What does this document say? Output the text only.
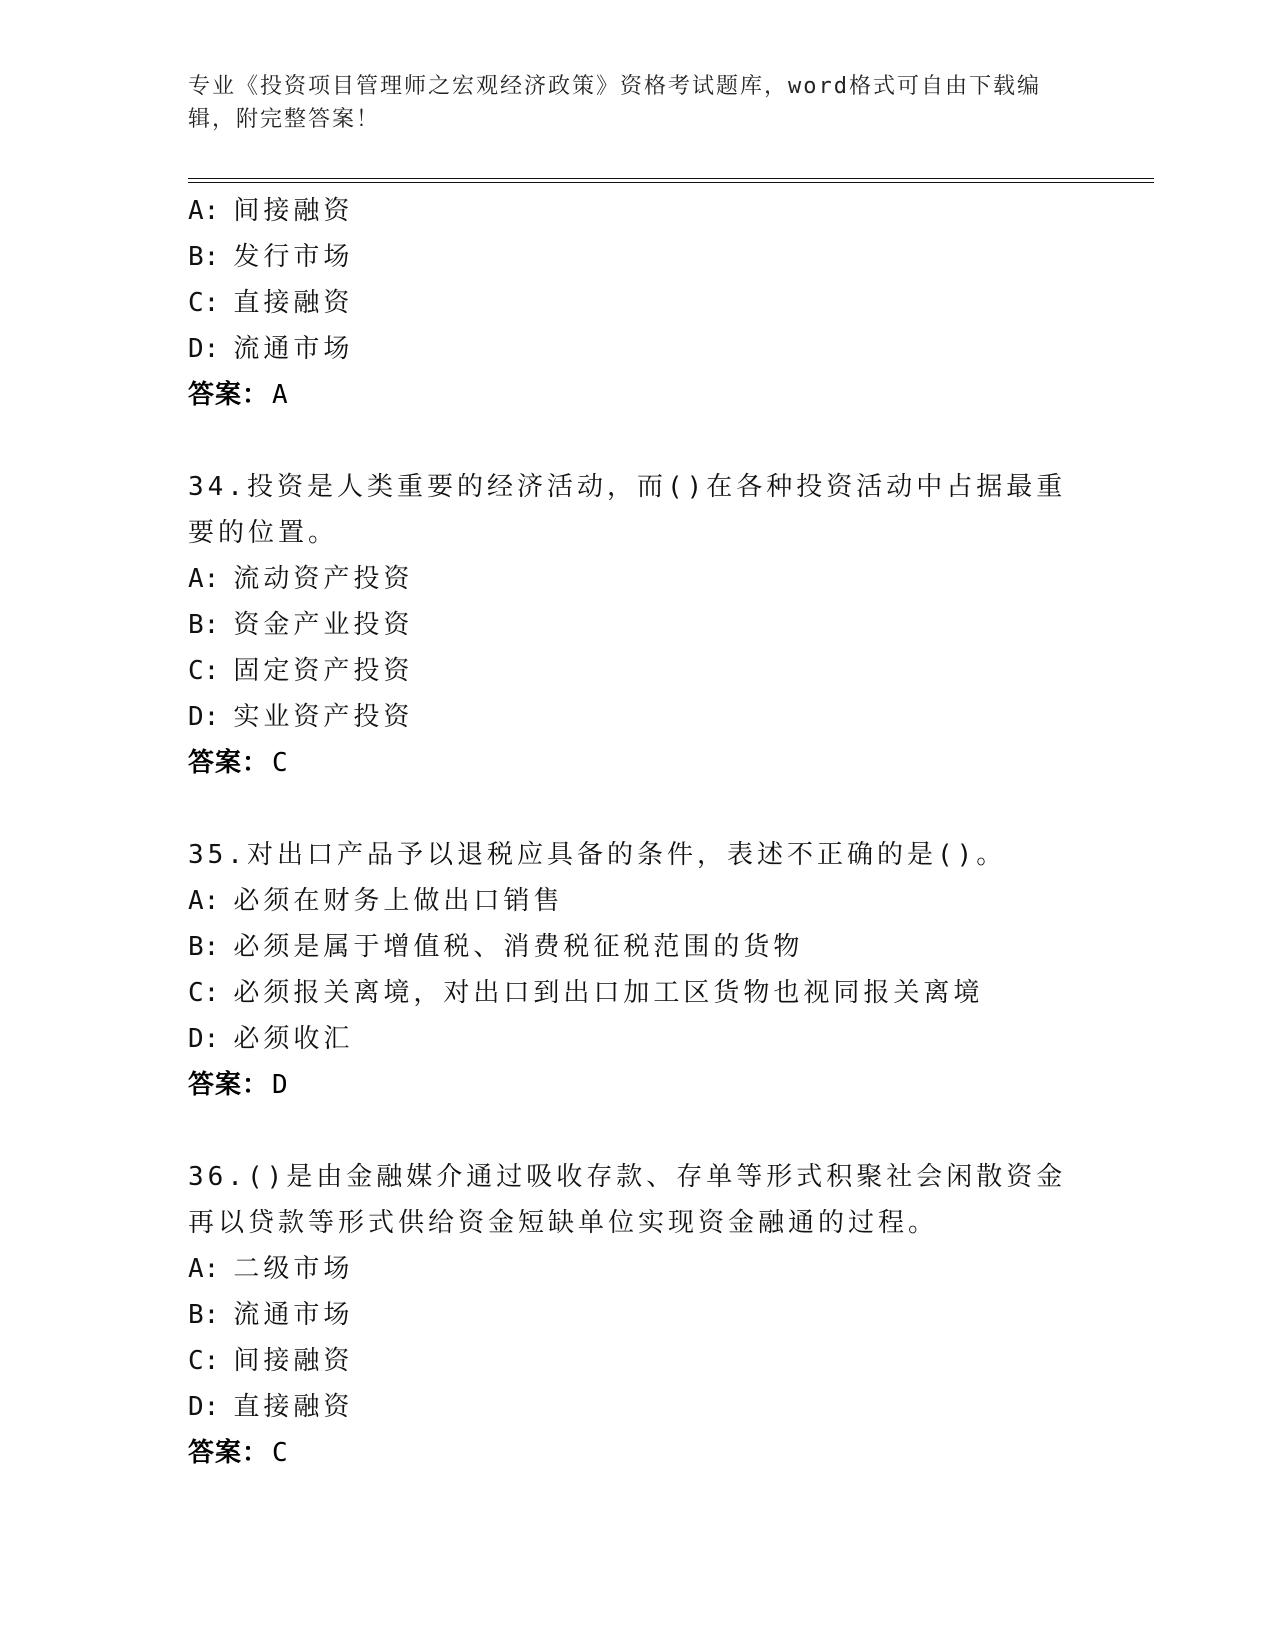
专业《投资项目管理师之宏观经济政策》资格考试题库，word格式可自由下载编辑，附完整答案！
A: 间接融资
B: 发行市场
C: 直接融资
D: 流通市场
答案： A
34.投资是人类重要的经济活动，而()在各种投资活动中占据最重要的位置。
A: 流动资产投资
B: 资金产业投资
C: 固定资产投资
D: 实业资产投资
答案： C
35.对出口产品予以退税应具备的条件，表述不正确的是()。
A: 必须在财务上做出口销售
B: 必须是属于增值税、消费税征税范围的货物
C: 必须报关离境，对出口到出口加工区货物也视同报关离境
D: 必须收汇
答案： D
36.()是由金融媒介通过吸收存款、存单等形式积聚社会闲散资金再以贷款等形式供给资金短缺单位实现资金融通的过程。
A: 二级市场
B: 流通市场
C: 间接融资
D: 直接融资
答案： C
